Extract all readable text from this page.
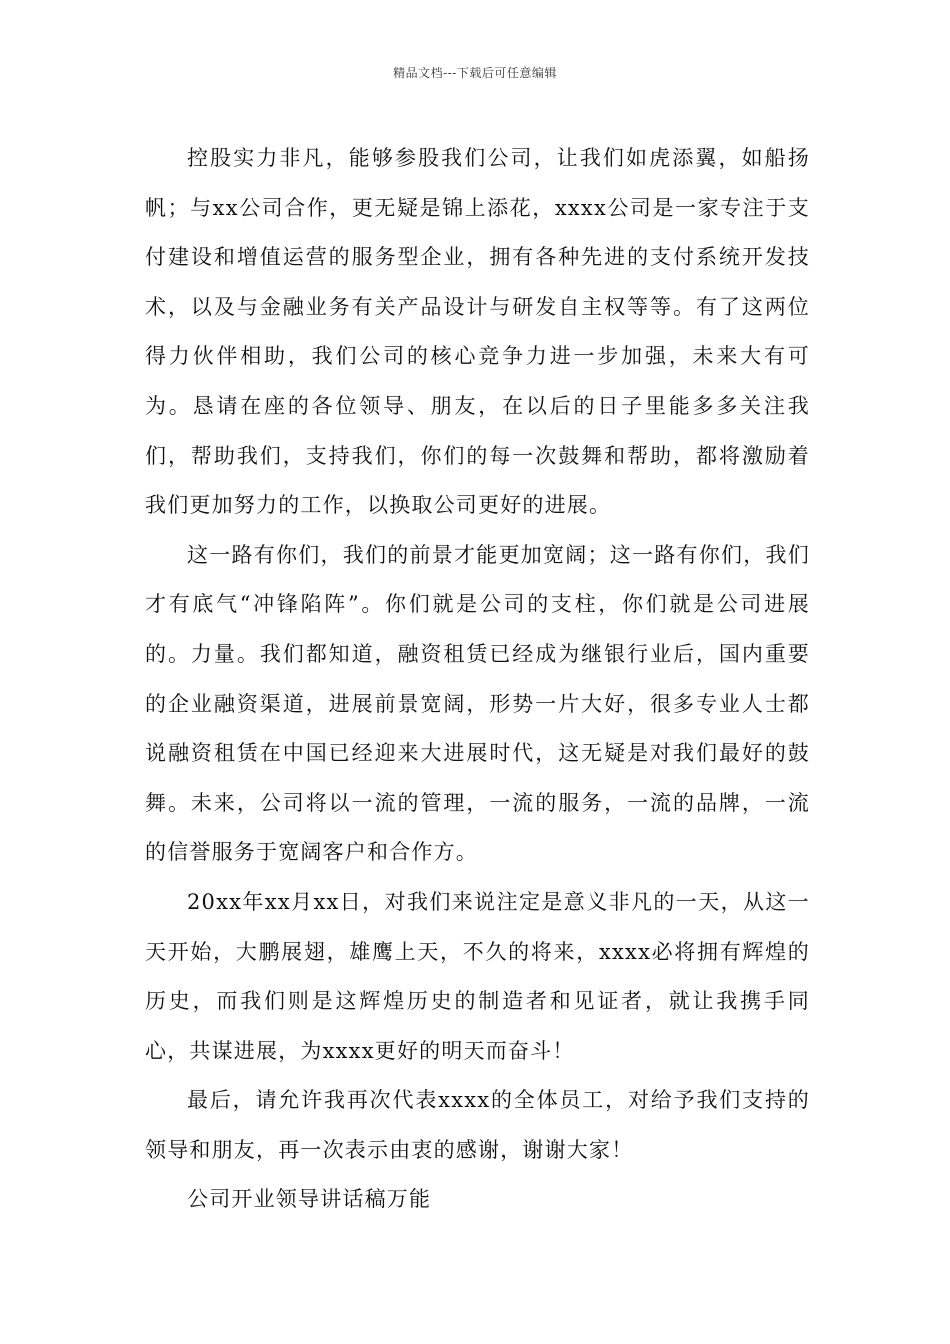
精品文档---下载后可任意编辑

控股实力非凡，能够参股我们公司，让我们如虎添翼，如船扬帆；与xx公司合作，更无疑是锦上添花，xxxx公司是一家专注于支付建设和增值运营的服务型企业，拥有各种先进的支付系统开发技术，以及与金融业务有关产品设计与研发自主权等等。有了这两位得力伙伴相助，我们公司的核心竞争力进一步加强，未来大有可为。恳请在座的各位领导、朋友，在以后的日子里能多多关注我们，帮助我们，支持我们，你们的每一次鼓舞和帮助，都将激励着我们更加努力的工作，以换取公司更好的进展。

这一路有你们，我们的前景才能更加宽阔；这一路有你们，我们才有底气“冲锋陷阵”。你们就是公司的支柱，你们就是公司进展的。力量。我们都知道，融资租赁已经成为继银行业后，国内重要的企业融资渠道，进展前景宽阔，形势一片大好，很多专业人士都说融资租赁在中国已经迎来大进展时代，这无疑是对我们最好的鼓舞。未来，公司将以一流的管理，一流的服务，一流的品牌，一流的信誉服务于宽阔客户和合作方。

20xx年xx月xx日，对我们来说注定是意义非凡的一天，从这一天开始，大鹏展翅，雄鹰上天，不久的将来，xxxx必将拥有辉煌的历史，而我们则是这辉煌历史的制造者和见证者，就让我携手同心，共谋进展，为xxxx更好的明天而奋斗！

最后，请允许我再次代表xxxx的全体员工，对给予我们支持的领导和朋友，再一次表示由衷的感谢，谢谢大家！

公司开业领导讲话稿万能
